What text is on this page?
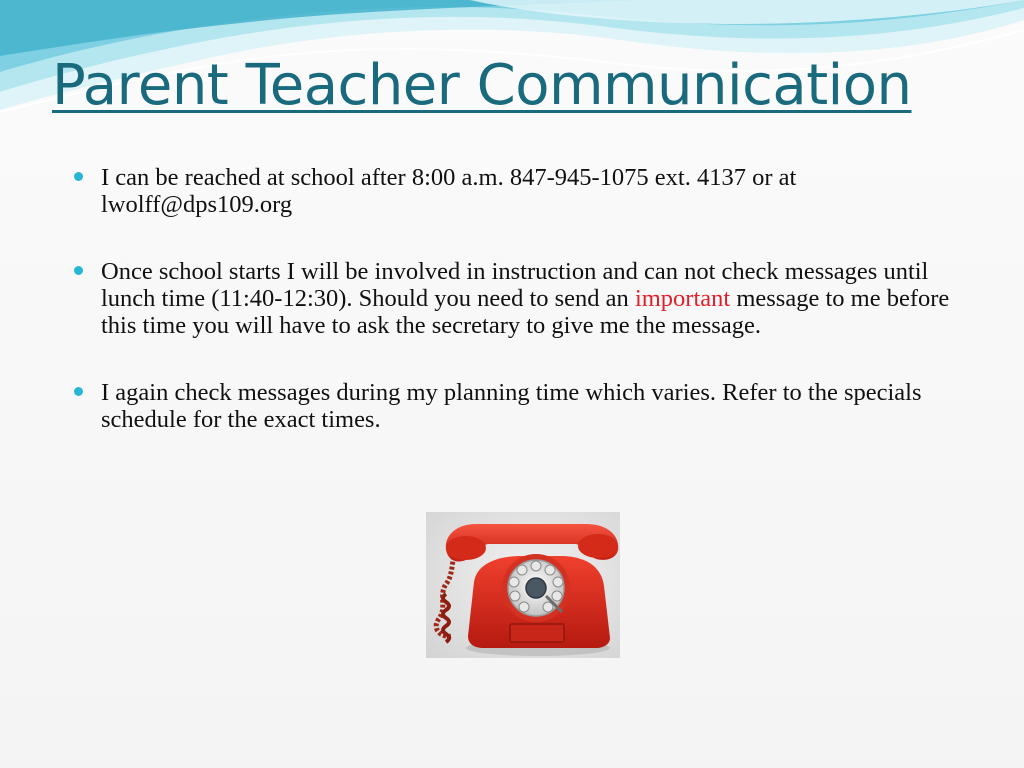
Parent Teacher Communication
I can be reached at school after 8:00 a.m. 847-945-1075 ext. 4137 or at lwolff@dps109.org
Once school starts I will be involved in instruction and can not check messages until lunch time (11:40-12:30). Should you need to send an important message to me before this time you will have to ask the secretary to give me the message.
I again check messages during my planning time which varies. Refer to the specials schedule for the exact times.
